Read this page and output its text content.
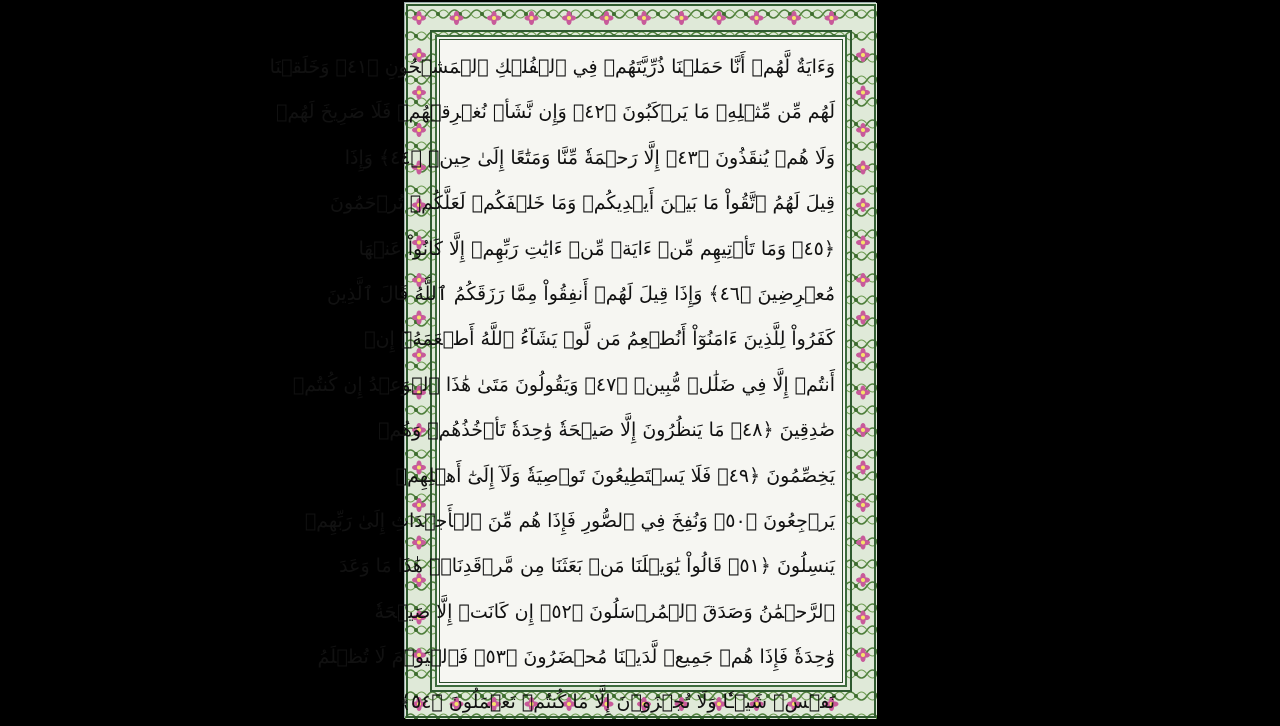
وَءَايَةٌ لَّهُمۡ أَنَّا حَمَلۡنَا ذُرِّيَّتَهُمۡ فِي ٱلۡفُلۡكِ ٱلۡمَشۡحُونِ ﴿٤١﴾ وَخَلَقۡنَا
لَهُم مِّن مِّثۡلِهِۦ مَا يَرۡكَبُونَ ﴿٤٢﴾ وَإِن نَّشَأۡ نُغۡرِقۡهُمۡ فَلَا صَرِيخَ لَهُمۡ
وَلَا هُمۡ يُنقَذُونَ ﴿٤٣﴾ إِلَّا رَحۡمَةٗ مِّنَّا وَمَتَٰعًا إِلَىٰ حِينٖ ﴿٤٤﴾ وَإِذَا
قِيلَ لَهُمُ ٱتَّقُواْ مَا بَيۡنَ أَيۡدِيكُمۡ وَمَا خَلۡفَكُمۡ لَعَلَّكُمۡ تُرۡحَمُونَ
﴿٤٥﴾ وَمَا تَأۡتِيهِم مِّنۡ ءَايَةٖ مِّنۡ ءَايَٰتِ رَبِّهِمۡ إِلَّا كَانُواْ عَنۡهَا
مُعۡرِضِينَ ﴿٤٦﴾ وَإِذَا قِيلَ لَهُمۡ أَنفِقُواْ مِمَّا رَزَقَكُمُ ٱللَّهُ قَالَ ٱلَّذِينَ
كَفَرُواْ لِلَّذِينَ ءَامَنُوٓاْ أَنُطۡعِمُ مَن لَّوۡ يَشَآءُ ٱللَّهُ أَطۡعَمَهُۥٓ إِنۡ
أَنتُمۡ إِلَّا فِي ضَلَٰلٖ مُّبِينٖ ﴿٤٧﴾ وَيَقُولُونَ مَتَىٰ هَٰذَا ٱلۡوَعۡدُ إِن كُنتُمۡ
صَٰدِقِينَ ﴿٤٨﴾ مَا يَنظُرُونَ إِلَّا صَيۡحَةٗ وَٰحِدَةٗ تَأۡخُذُهُمۡ وَهُمۡ
يَخِصِّمُونَ ﴿٤٩﴾ فَلَا يَسۡتَطِيعُونَ تَوۡصِيَةٗ وَلَآ إِلَىٰٓ أَهۡلِهِمۡ
يَرۡجِعُونَ ﴿٥٠﴾ وَنُفِخَ فِي ٱلصُّورِ فَإِذَا هُم مِّنَ ٱلۡأَجۡدَاثِ إِلَىٰ رَبِّهِمۡ
يَنسِلُونَ ﴿٥١﴾ قَالُواْ يَٰوَيۡلَنَا مَنۢ بَعَثَنَا مِن مَّرۡقَدِنَاۜۗ هَٰذَا مَا وَعَدَ
ٱلرَّحۡمَٰنُ وَصَدَقَ ٱلۡمُرۡسَلُونَ ﴿٥٢﴾ إِن كَانَتۡ إِلَّا صَيۡحَةٗ
وَٰحِدَةٗ فَإِذَا هُمۡ جَمِيعٞ لَّدَيۡنَا مُحۡضَرُونَ ﴿٥٣﴾ فَٱلۡيَوۡمَ لَا تُظۡلَمُ
نَفۡسٞ شَيۡـٔٗا وَلَا تُجۡزَوۡنَ إِلَّا مَا كُنتُمۡ تَعۡمَلُونَ ﴿٥٤﴾
